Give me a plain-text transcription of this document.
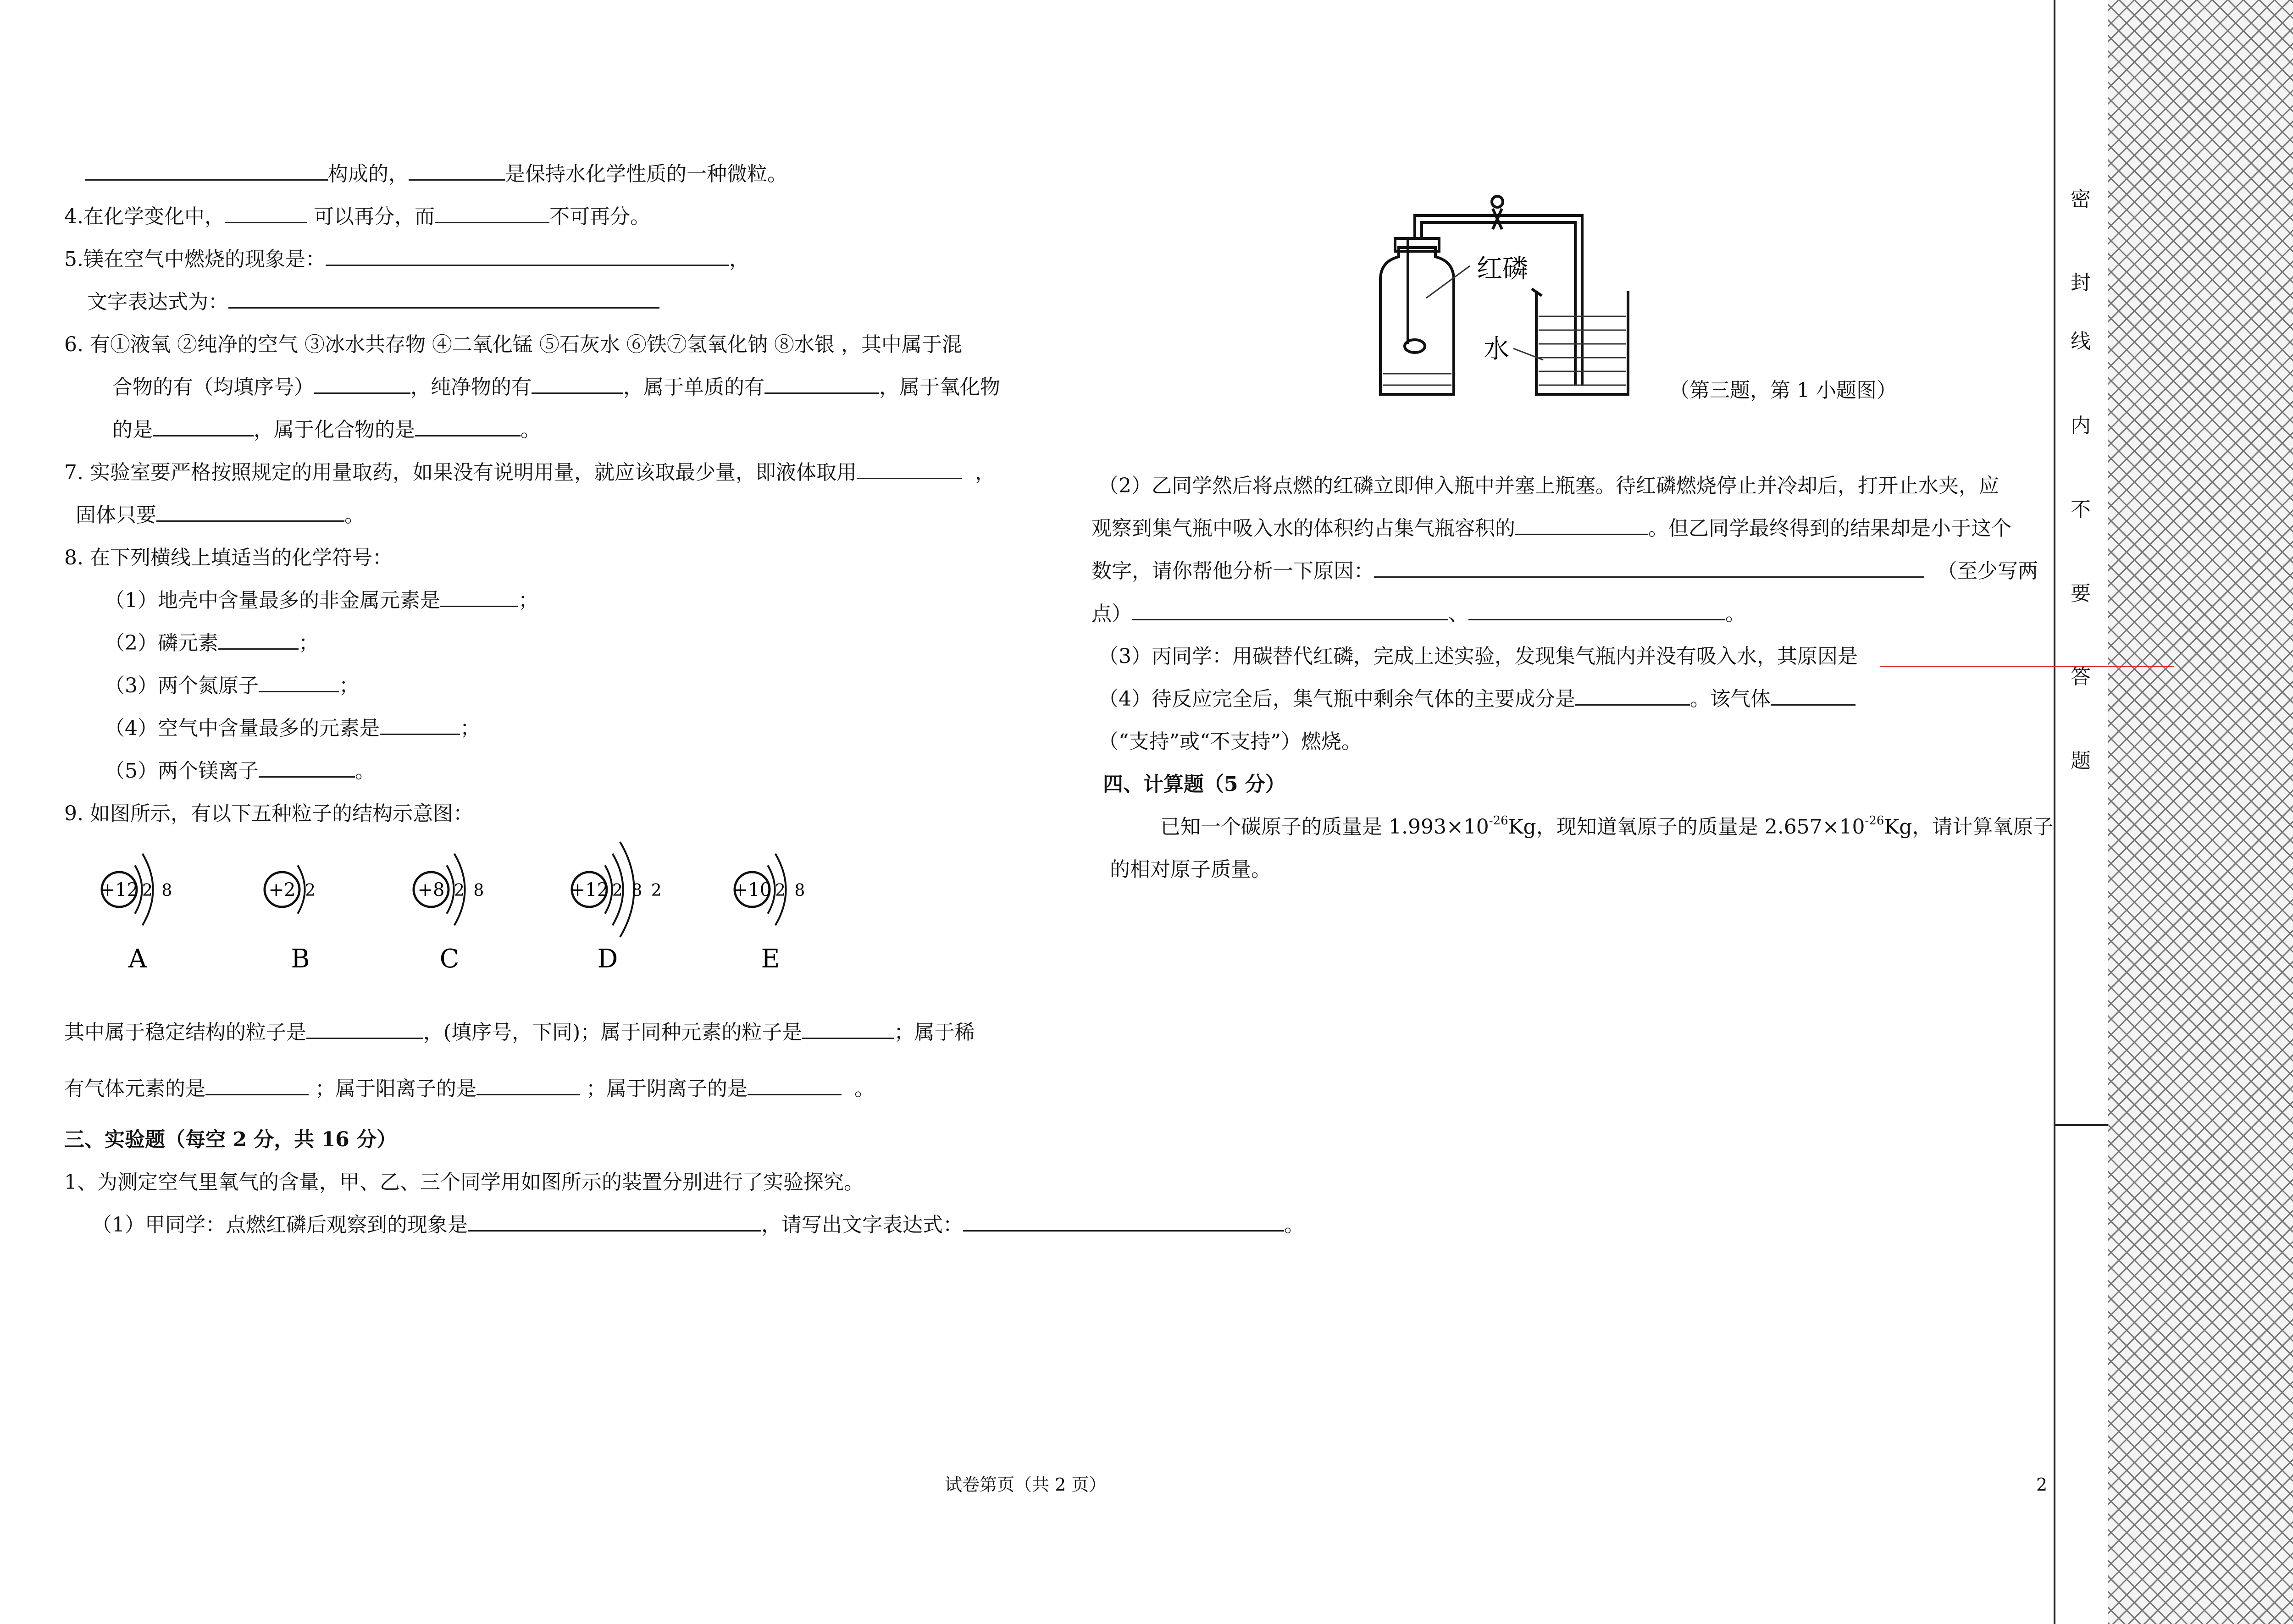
构成的，	是保持水化学性质的一种微粒。
4.在化学变化中，	可以再分，而	不可再分。
5.镁在空气中燃烧的现象是：	，
文字表达式为：
6. 有①液氧 ②纯净的空气 ③冰水共存物 ④二氧化锰 ⑤石灰水 ⑥铁⑦氢氧化钠 ⑧水银 ，其中属于混
合物的有（均填序号）	，纯净物的有	，属于单质的有	，属于氧化物
的是	，属于化合物的是	。
7. 实验室要严格按照规定的用量取药，如果没有说明用量，就应该取最少量，即液体取用	，
固体只要	。
8. 在下列横线上填适当的化学符号：
（1）地壳中含量最多的非金属元素是	；
（2）磷元素	；
（3）两个氮原子	；
（4）空气中含量最多的元素是	；
（5）两个镁离子	。
9. 如图所示，有以下五种粒子的结构示意图：
+12 2 8
A
+2 2
B
+8 2 8
C
+12 2 8 2
D
+10 2 8
E
其中属于稳定结构的粒子是	，(填序号，下同)；属于同种元素的粒子是	；属于稀
有气体元素的是	；属于阳离子的是	；属于阴离子的是	。
三、实验题（每空 2 分，共 16 分）
1、为测定空气里氧气的含量，甲、乙、三个同学用如图所示的装置分别进行了实验探究。
（1）甲同学：点燃红磷后观察到的现象是	，请写出文字表达式：	。
红磷
水
（第三题，第 1 小题图）
（2）乙同学然后将点燃的红磷立即伸入瓶中并塞上瓶塞。待红磷燃烧停止并冷却后，打开止水夹，应
观察到集气瓶中吸入水的体积约占集气瓶容积的	。但乙同学最终得到的结果却是小于这个
数字，请你帮他分析一下原因：	（至少写两
点）	、	。
（3）丙同学：用碳替代红磷，完成上述实验，发现集气瓶内并没有吸入水，其原因是
（4）待反应完全后，集气瓶中剩余气体的主要成分是	。该气体
（“支持”或“不支持”）燃烧。
四、计算题（5 分）
已知一个碳原子的质量是 $1.993\times 10^{-26}Kg$，现知道氧原子的质量是 $2.657\times 10^{-26}Kg$，请计算氧原子
的相对原子质量。
试卷第页（共 2 页）	2
密
封
线
内
不
要
答
题
